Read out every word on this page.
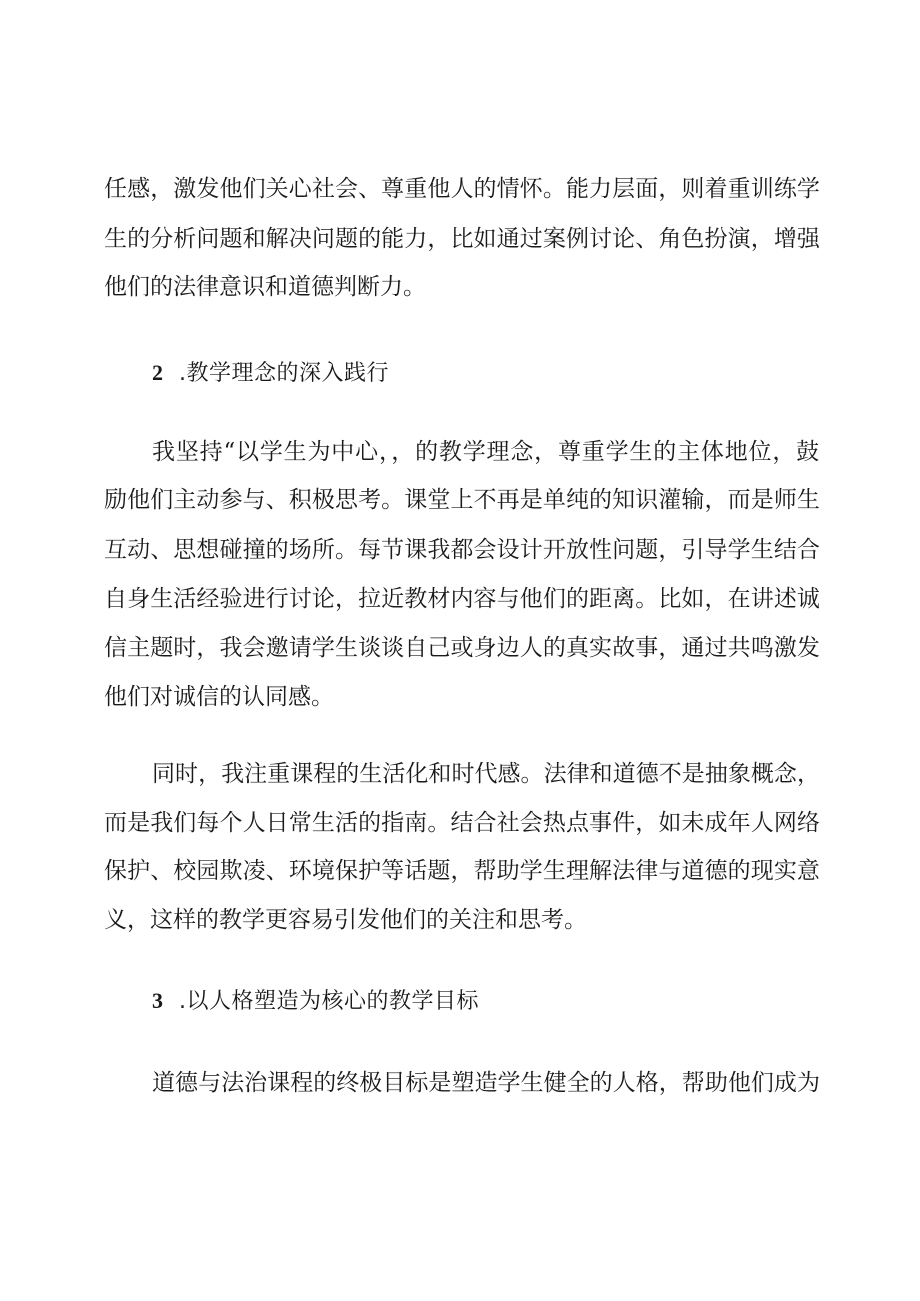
任感，激发他们关心社会、尊重他人的情怀。能力层面，则着重训练学

生的分析问题和解决问题的能力，比如通过案例讨论、角色扮演，增强

他们的法律意识和道德判断力。

2 .教学理念的深入践行

我坚持“以学生为中心，，的教学理念，尊重学生的主体地位，鼓

励他们主动参与、积极思考。课堂上不再是单纯的知识灌输，而是师生

互动、思想碰撞的场所。每节课我都会设计开放性问题，引导学生结合

自身生活经验进行讨论，拉近教材内容与他们的距离。比如，在讲述诚

信主题时，我会邀请学生谈谈自己或身边人的真实故事，通过共鸣激发

他们对诚信的认同感。

同时，我注重课程的生活化和时代感。法律和道德不是抽象概念，

而是我们每个人日常生活的指南。结合社会热点事件，如未成年人网络

保护、校园欺凌、环境保护等话题，帮助学生理解法律与道德的现实意

义，这样的教学更容易引发他们的关注和思考。

3 .以人格塑造为核心的教学目标

道德与法治课程的终极目标是塑造学生健全的人格，帮助他们成为
